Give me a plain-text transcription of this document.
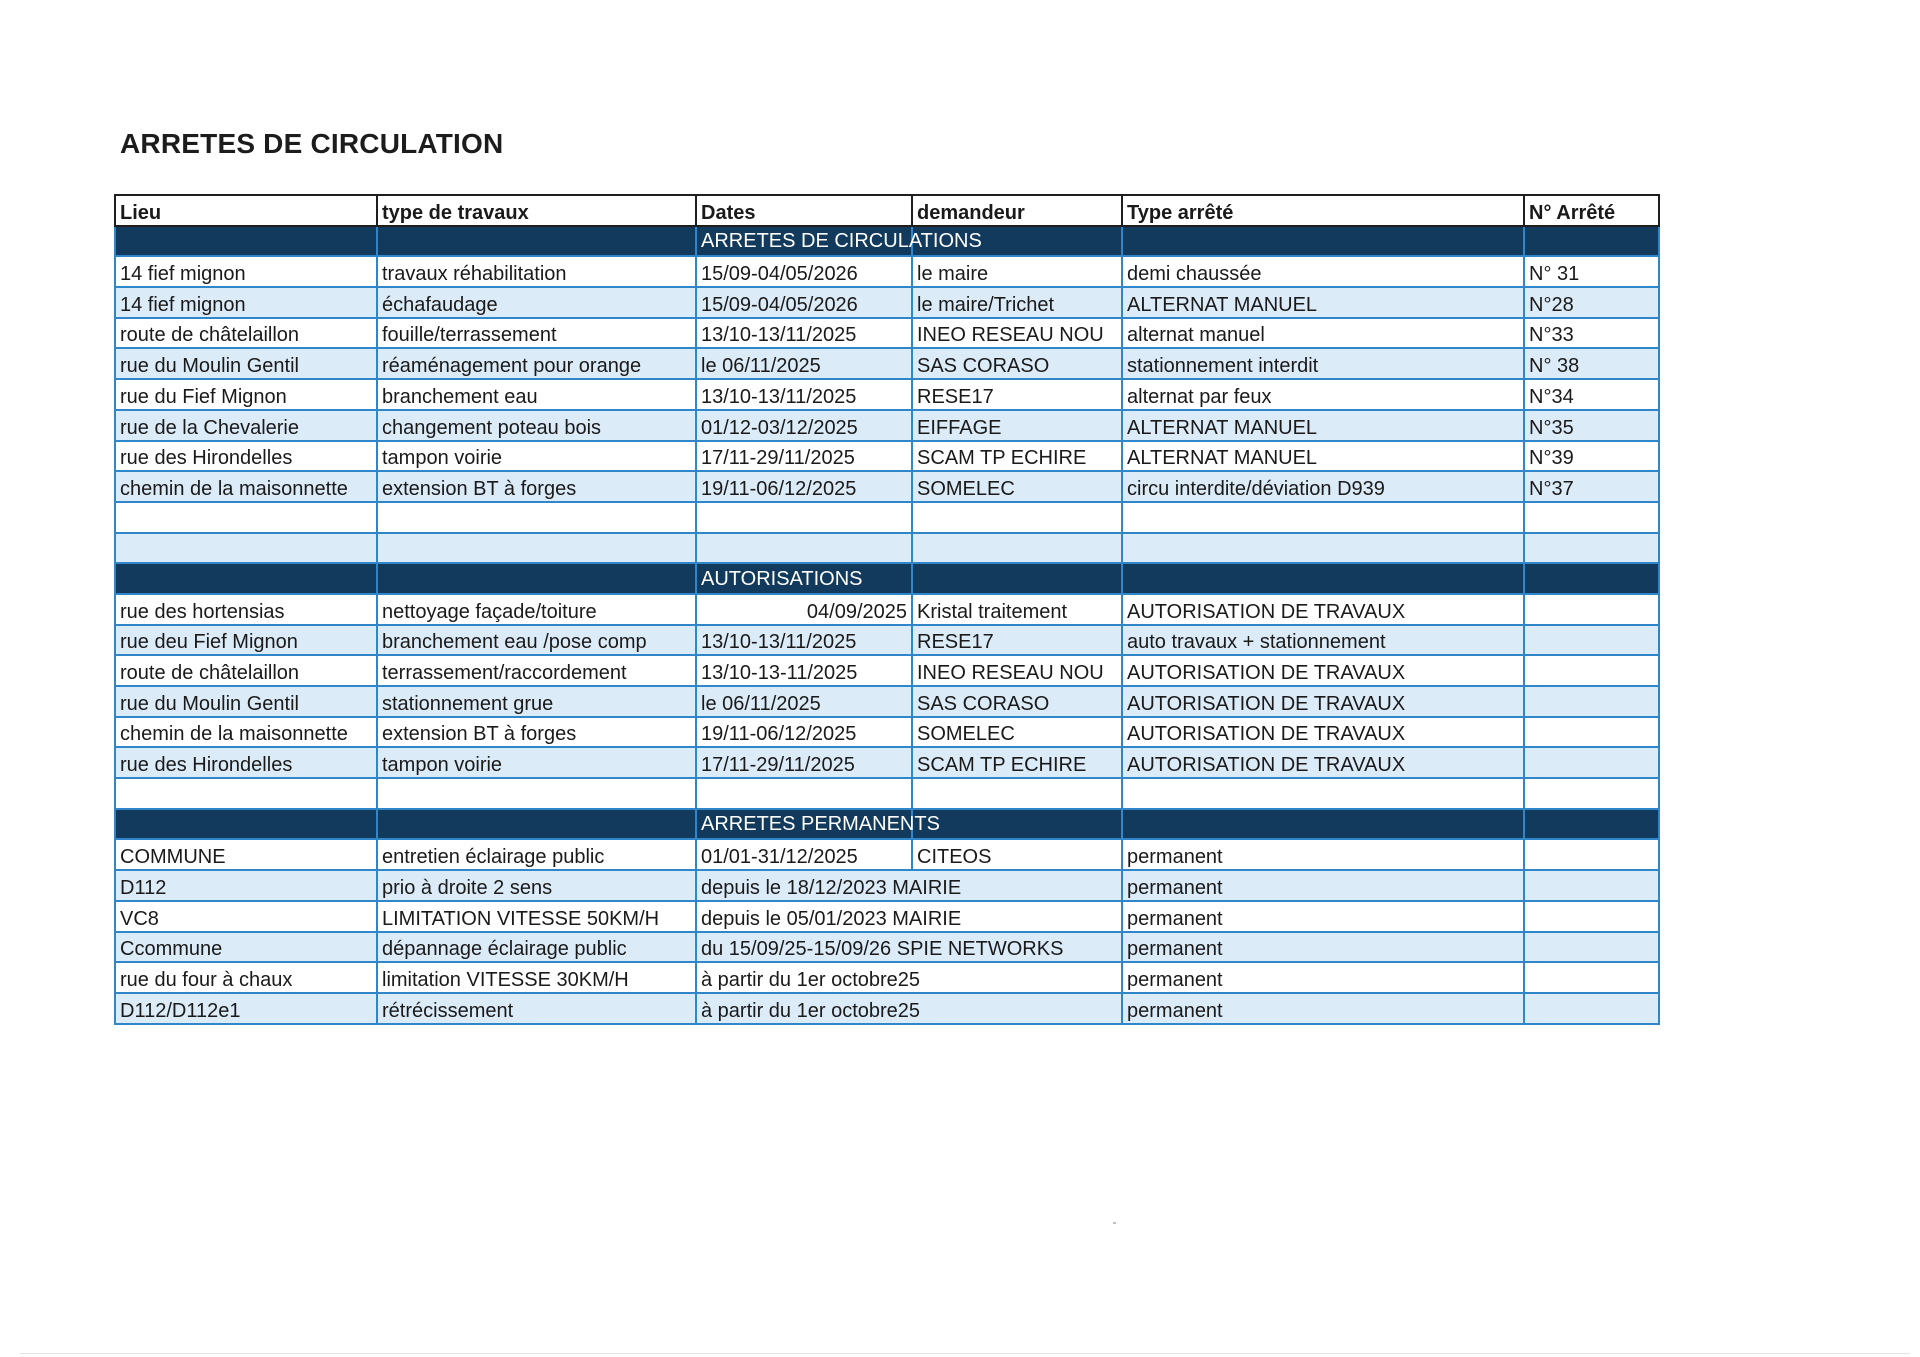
ARRETES DE CIRCULATION
Lieu	type de travaux	Dates	demandeur	Type arrêté	N° Arrêté
		ARRETES DE CIRCULATIONS			
14 fief mignon	travaux réhabilitation	15/09-04/05/2026	le maire	demi chaussée	N° 31
14 fief mignon	échafaudage	15/09-04/05/2026	le maire/Trichet	ALTERNAT MANUEL	N°28
route de châtelaillon	fouille/terrassement	13/10-13/11/2025	INEO RESEAU NOU	alternat manuel	N°33
rue du Moulin Gentil	réaménagement pour orange	le 06/11/2025	SAS CORASO	stationnement interdit	N° 38
rue du Fief Mignon	branchement eau	13/10-13/11/2025	RESE17	alternat par feux	N°34
rue de la Chevalerie	changement poteau bois	01/12-03/12/2025	EIFFAGE	ALTERNAT MANUEL	N°35
rue des Hirondelles	tampon voirie	17/11-29/11/2025	SCAM TP ECHIRE	ALTERNAT MANUEL	N°39
chemin de la maisonnette	extension BT à forges	19/11-06/12/2025	SOMELEC	circu interdite/déviation D939	N°37

		AUTORISATIONS			
rue des hortensias	nettoyage façade/toiture	04/09/2025	Kristal traitement	AUTORISATION DE TRAVAUX	
rue deu Fief Mignon	branchement eau /pose comp	13/10-13/11/2025	RESE17	auto travaux + stationnement	
route de châtelaillon	terrassement/raccordement	13/10-13-11/2025	INEO RESEAU NOU	AUTORISATION DE TRAVAUX	
rue du Moulin Gentil	stationnement grue	le 06/11/2025	SAS CORASO	AUTORISATION DE TRAVAUX	
chemin de la maisonnette	extension BT à forges	19/11-06/12/2025	SOMELEC	AUTORISATION DE TRAVAUX	
rue des Hirondelles	tampon voirie	17/11-29/11/2025	SCAM TP ECHIRE	AUTORISATION DE TRAVAUX	

		ARRETES PERMANENTS			
COMMUNE	entretien éclairage public	01/01-31/12/2025	CITEOS	permanent	
D112	prio à droite 2 sens	depuis le 18/12/2023 MAIRIE		permanent	
VC8	LIMITATION VITESSE 50KM/H	depuis le 05/01/2023 MAIRIE		permanent	
Ccommune	dépannage éclairage public	du 15/09/25-15/09/26 SPIE NETWORKS		permanent	
rue du four à chaux	limitation VITESSE 30KM/H	à partir du 1er octobre25		permanent	
D112/D112e1	rétrécissement	à partir du 1er octobre25		permanent	
